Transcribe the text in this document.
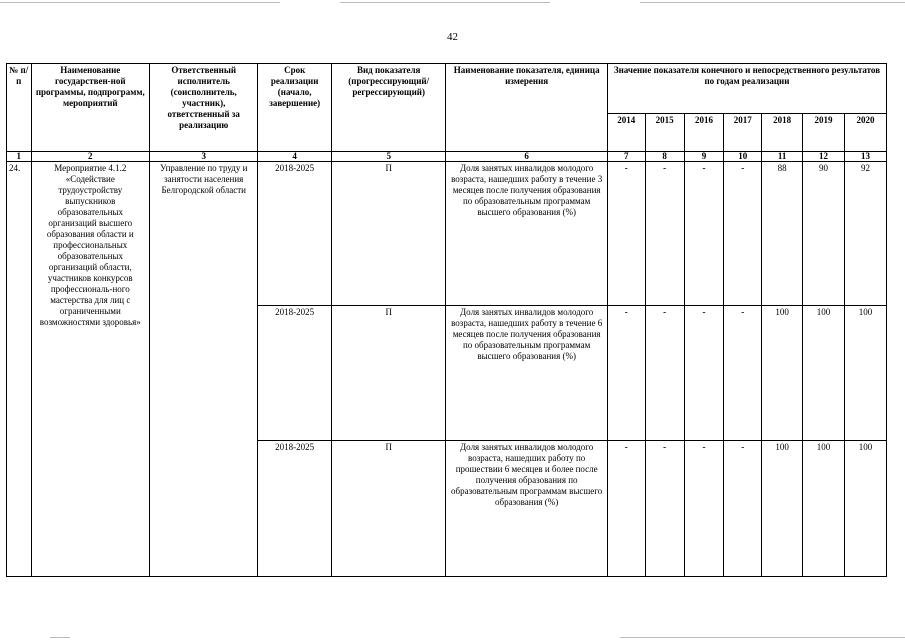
42
№ п/п	Наименование государствен-ной программы, подпрограмм, мероприятий	Ответственный исполнитель (соисполнитель, участник), ответственный за реализацию	Срок реализации (начало, завершение)	Вид показателя (прогрессирующий/ регрессирующий)	Наименование показателя, единица измерения	Значение показателя конечного и непосредственного результатов по годам реализации						
						2014	2015	2016	2017	2018	2019	2020
1	2	3	4	5	6	7	8	9	10	11	12	13
24.	Мероприятие 4.1.2 «Содействие трудоустройству выпускников образовательных организаций высшего образования области и профессиональных образовательных организаций области, участников конкурсов профессиональ-ного мастерства для лиц с ограниченными возможностями здоровья»	Управление по труду и занятости населения Белгородской области	2018-2025	П	Доля занятых инвалидов молодого возраста, нашедших работу в течение 3 месяцев после получения образования по образовательным программам высшего образования (%)	-	-	-	-	88	90	92
			2018-2025	П	Доля занятых инвалидов молодого возраста, нашедших работу в течение 6 месяцев после получения образования по образовательным программам высшего образования (%)	-	-	-	-	100	100	100
			2018-2025	П	Доля занятых инвалидов молодого возраста, нашедших работу по прошествии 6 месяцев и более после получения образования по образовательным программам высшего образования (%)	-	-	-	-	100	100	100
